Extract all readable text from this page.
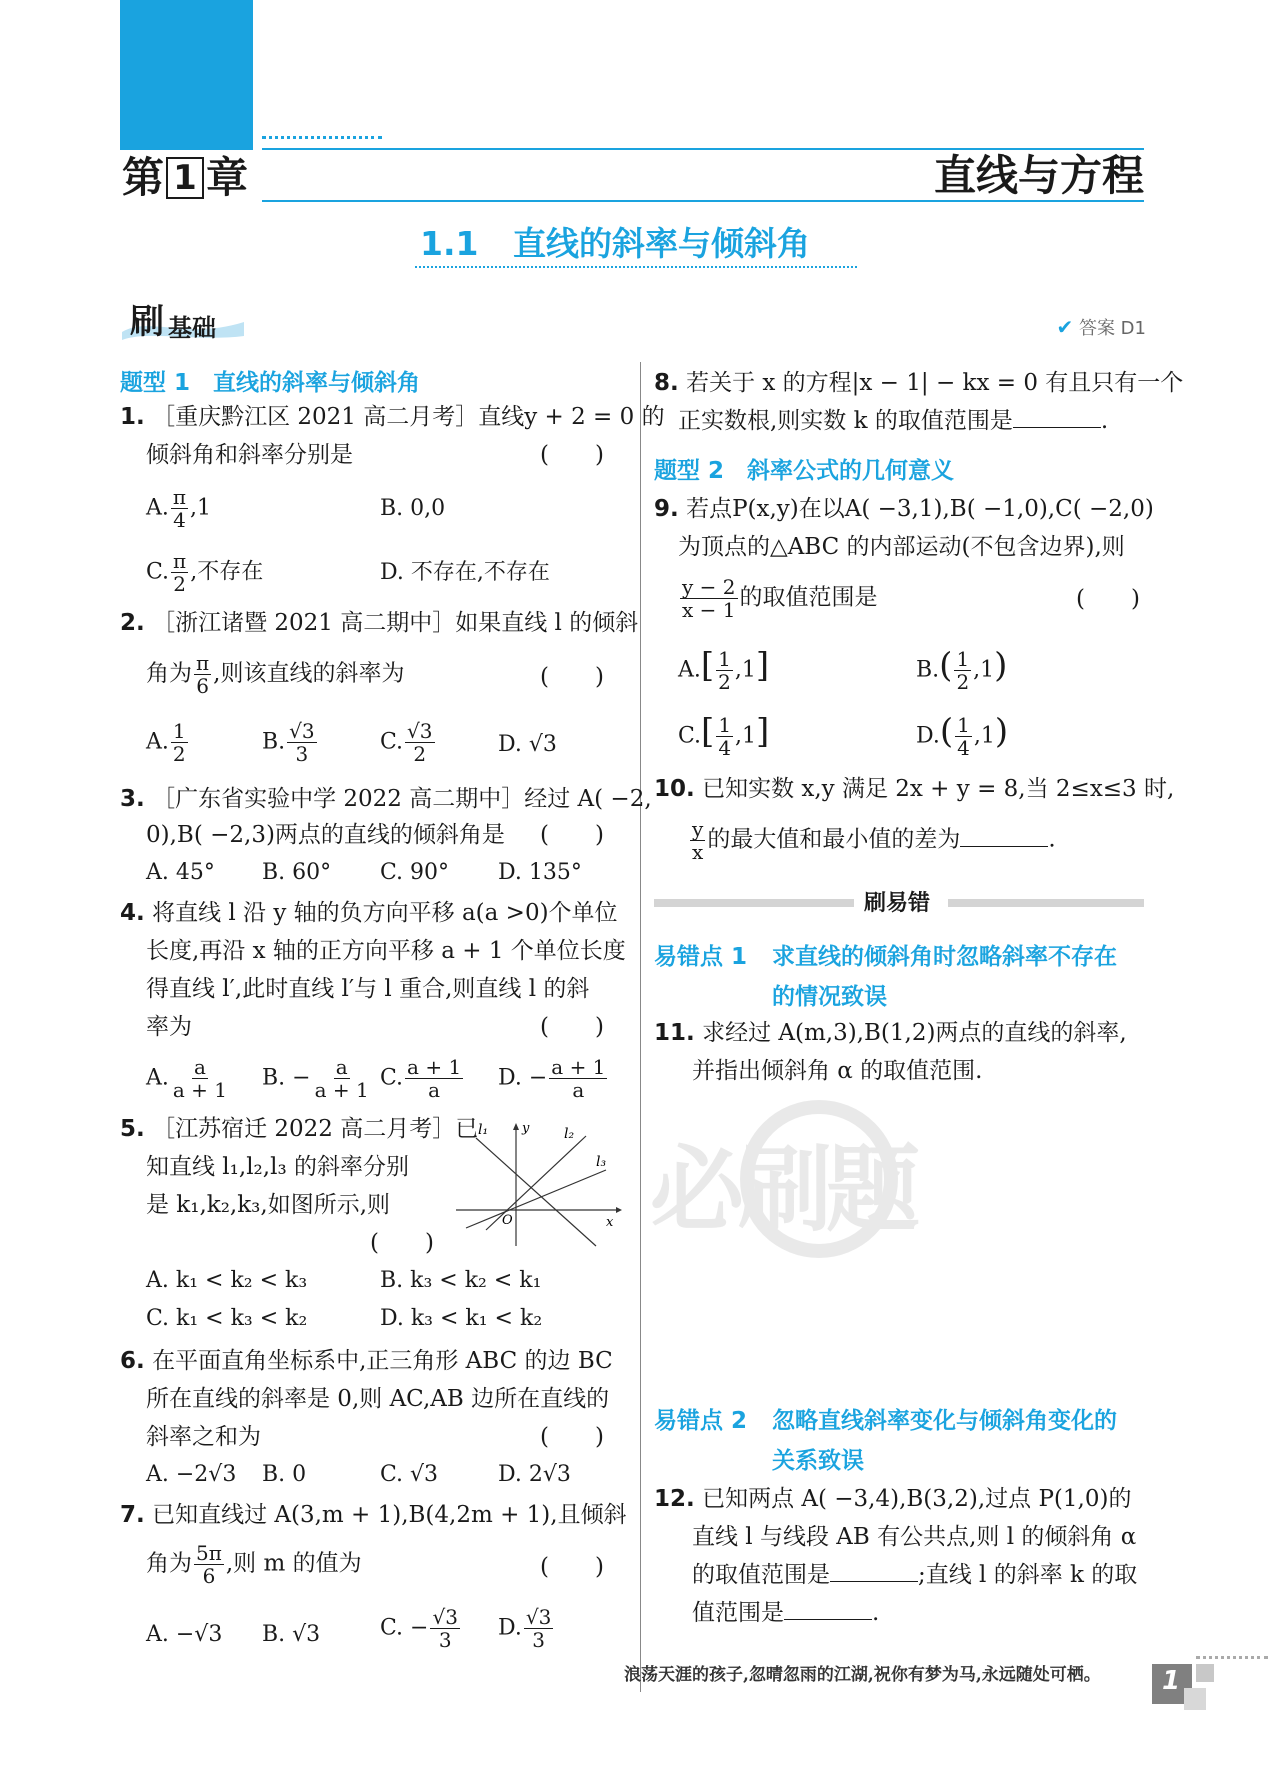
第 1 章	直线与方程
1.1 直线的斜率与倾斜角
刷 基础	✔ 答案 D1
题型 1　直线的斜率与倾斜角
1. ［重庆黔江区 2021 高二月考］直线y + 2 = 0 的
倾斜角和斜率分别是	(　　)
A. $\frac{\pi}{4} ,1$	B. 0,0
C. $\frac{\pi}{2}$ ,不存在	D. 不存在,不存在
2. ［浙江诸暨 2021 高二期中］如果直线 l 的倾斜
角为 $\frac{\pi}{6}$ ,则该直线的斜率为	(　　)
A. $\frac{1}{2}$	B. $\frac{√3}{3}$	C. $\frac{√3}{2}$	D. √3
3. ［广东省实验中学 2022 高二期中］经过 A( −2,
0),B( −2,3)两点的直线的倾斜角是 (　　)
A. 45° B. 60° C. 90° D. 135°
4. 将直线 l 沿 y 轴的负方向平移 a(a >0)个单位
长度,再沿 x 轴的正方向平移 a + 1 个单位长度
得直线 l′,此时直线 l′与 l 重合,则直线 l 的斜
率为	(　　)
A. $\frac{a}{a + 1} B$. − $\frac{a}{a + 1} C$. $\frac{a + 1}{a} D$. − $\frac{a + 1}{a}$
5. ［江苏宿迁 2022 高二月考］已
知直线 l₁,l₂,l₃ 的斜率分别
是 k₁,k₂,k₃,如图所示,则
(　　)
l₁	l₂
l₃
O	x
y
A. k₁ < k₂ < k₃	B. k₃ < k₂ < k₁
C. k₁ < k₃ < k₂	D. k₃ < k₁ < k₂
6. 在平面直角坐标系中,正三角形 ABC 的边 BC
所在直线的斜率是 0,则 AC,AB 边所在直线的
斜率之和为	(　　)
A. −2√3 B. 0	C. √3	D. 2√3
7. 已知直线过 A(3,m + 1),B(4,2m + 1),且倾斜
角为 $\frac{5\pi}{6}$ ,则 m 的值为	(　　)
A. −√3 B. √3	C. − $\frac{√3}{3} D$. $\frac{√3}{3}$
8. 若关于 x 的方程|x − 1| − kx = 0 有且只有一个
正实数根,则实数 k 的取值范围是	.
题型 2　斜率公式的几何意义
9. 若点P(x,y)在以A( −3,1),B( −1,0),C( −2,0)
为顶点的△ABC 的内部运动(不包含边界),则
$\frac{y - 2}{x - 1}$ 的取值范围是	(　　)
$A.[ \frac{1}{2} ,1]$	$B.( \frac{1}{2} ,1)$
$C.[ \frac{1}{4} ,1]$	$D.( \frac{1}{4} ,1)$
10. 已知实数 x,y 满足 2x + y = 8,当 2≤x≤3 时,
$\frac{y}{x}$ 的最大值和最小值的差为	.
刷易错
易错点 1 求直线的倾斜角时忽略斜率不存在
的情况致误
11. 求经过 A(m,3),B(1,2)两点的直线的斜率,
并指出倾斜角 α 的取值范围.
必刷题
易错点 2 忽略直线斜率变化与倾斜角变化的
关系致误
12. 已知两点 A( −3,4),B(3,2),过点 P(1,0)的
直线 l 与线段 AB 有公共点,则 l 的倾斜角 α
的取值范围是	;直线 l 的斜率 k 的取
值范围是	.
浪荡天涯的孩子,忽晴忽雨的江湖,祝你有梦为马,永远随处可栖。 1
